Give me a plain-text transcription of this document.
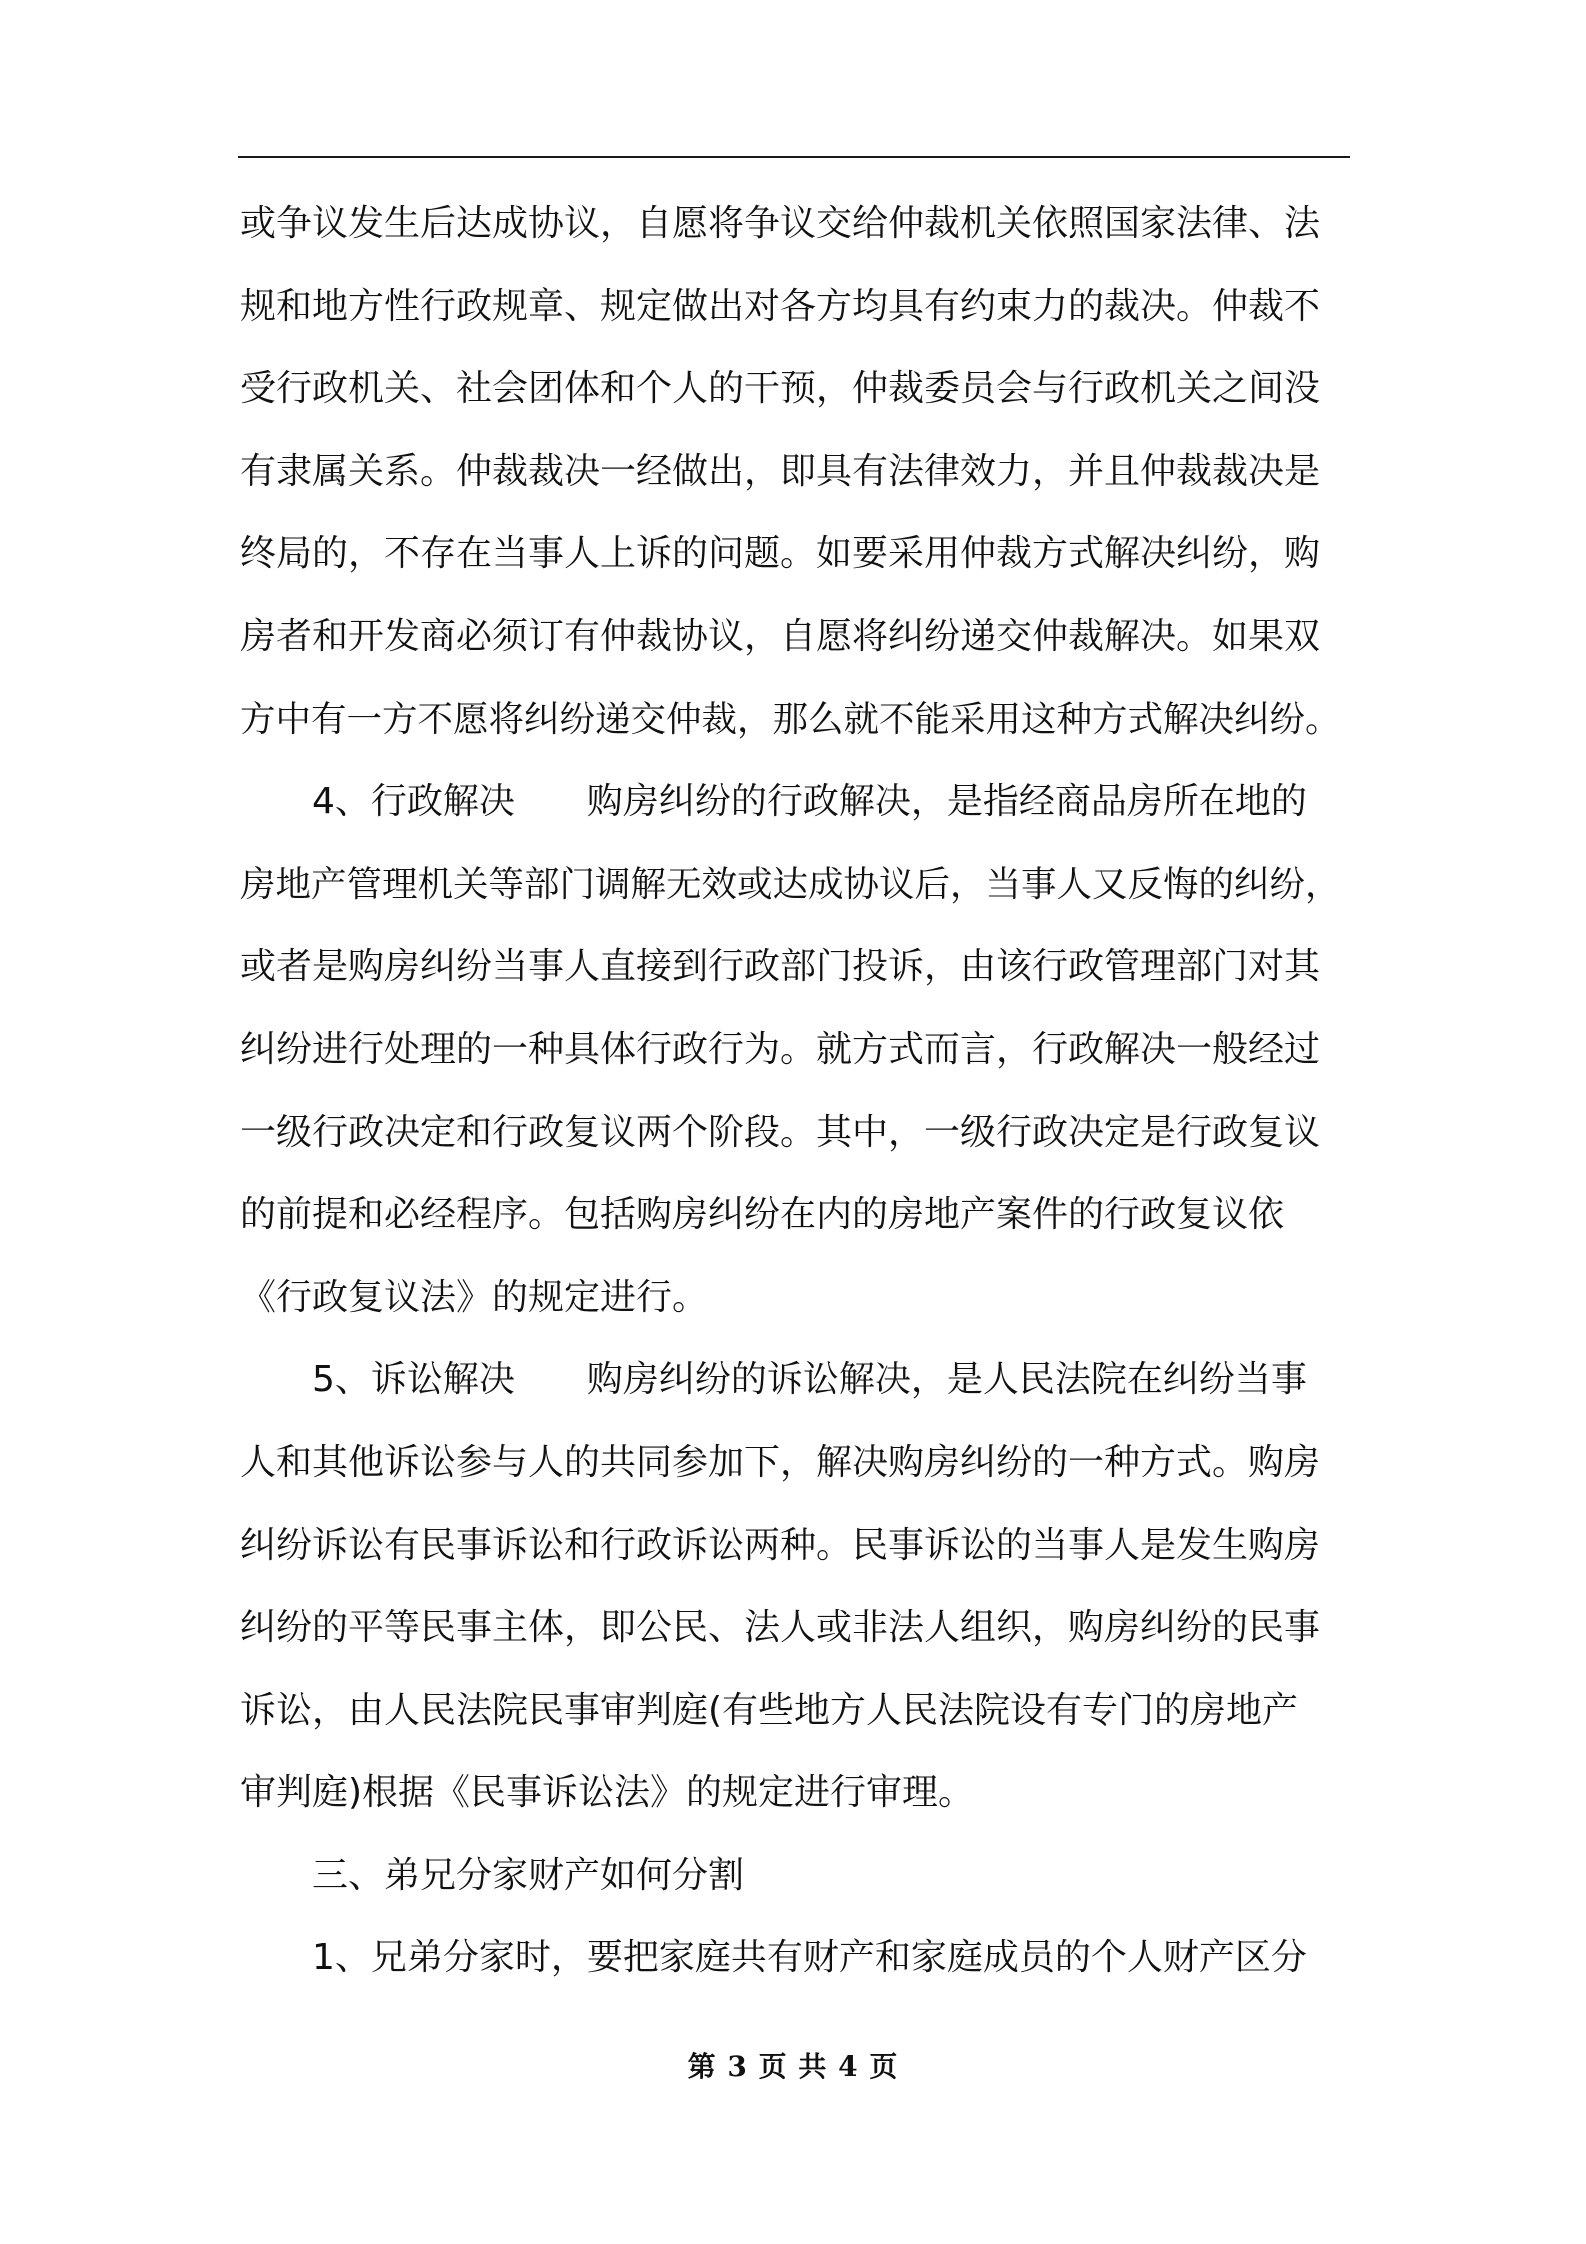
或争议发生后达成协议，自愿将争议交给仲裁机关依照国家法律、法
规和地方性行政规章、规定做出对各方均具有约束力的裁决。仲裁不
受行政机关、社会团体和个人的干预，仲裁委员会与行政机关之间没
有隶属关系。仲裁裁决一经做出，即具有法律效力，并且仲裁裁决是
终局的，不存在当事人上诉的问题。如要采用仲裁方式解决纠纷，购
房者和开发商必须订有仲裁协议，自愿将纠纷递交仲裁解决。如果双
方中有一方不愿将纠纷递交仲裁，那么就不能采用这种方式解决纠纷。
4、行政解决　　购房纠纷的行政解决，是指经商品房所在地的
房地产管理机关等部门调解无效或达成协议后，当事人又反悔的纠纷，
或者是购房纠纷当事人直接到行政部门投诉，由该行政管理部门对其
纠纷进行处理的一种具体行政行为。就方式而言，行政解决一般经过
一级行政决定和行政复议两个阶段。其中，一级行政决定是行政复议
的前提和必经程序。包括购房纠纷在内的房地产案件的行政复议依
《行政复议法》的规定进行。
5、诉讼解决　　购房纠纷的诉讼解决，是人民法院在纠纷当事
人和其他诉讼参与人的共同参加下，解决购房纠纷的一种方式。购房
纠纷诉讼有民事诉讼和行政诉讼两种。民事诉讼的当事人是发生购房
纠纷的平等民事主体，即公民、法人或非法人组织，购房纠纷的民事
诉讼，由人民法院民事审判庭(有些地方人民法院设有专门的房地产
审判庭)根据《民事诉讼法》的规定进行审理。
三、弟兄分家财产如何分割
1、兄弟分家时，要把家庭共有财产和家庭成员的个人财产区分
第 3 页 共 4 页
